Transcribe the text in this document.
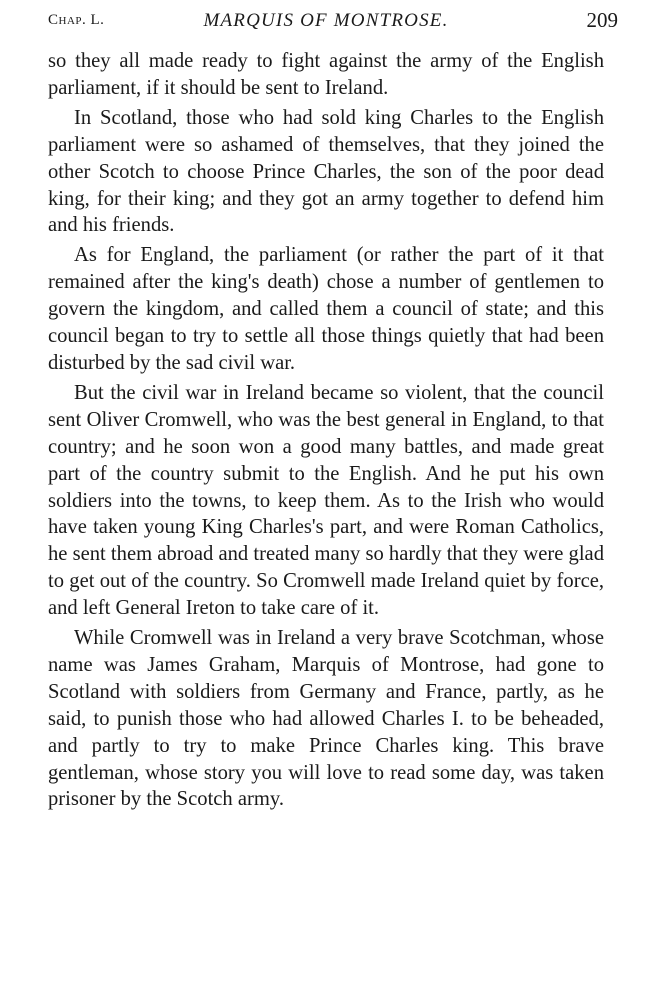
Chap. L.	MARQUIS OF MONTROSE.	209

so they all made ready to fight against the army of the English parliament, if it should be sent to Ireland.

In Scotland, those who had sold king Charles to the English parliament were so ashamed of themselves, that they joined the other Scotch to choose Prince Charles, the son of the poor dead king, for their king; and they got an army together to defend him and his friends.

As for England, the parliament (or rather the part of it that remained after the king's death) chose a number of gentlemen to govern the kingdom, and called them a council of state; and this council began to try to settle all those things quietly that had been disturbed by the sad civil war.

But the civil war in Ireland became so violent, that the council sent Oliver Cromwell, who was the best general in England, to that country; and he soon won a good many battles, and made great part of the country submit to the English. And he put his own soldiers into the towns, to keep them. As to the Irish who would have taken young King Charles's part, and were Roman Catholics, he sent them abroad and treated many so hardly that they were glad to get out of the country. So Cromwell made Ireland quiet by force, and left General Ireton to take care of it.

While Cromwell was in Ireland a very brave Scotchman, whose name was James Graham, Marquis of Montrose, had gone to Scotland with soldiers from Germany and France, partly, as he said, to punish those who had allowed Charles I. to be beheaded, and partly to try to make Prince Charles king. This brave gentleman, whose story you will love to read some day, was taken prisoner by the Scotch army.
